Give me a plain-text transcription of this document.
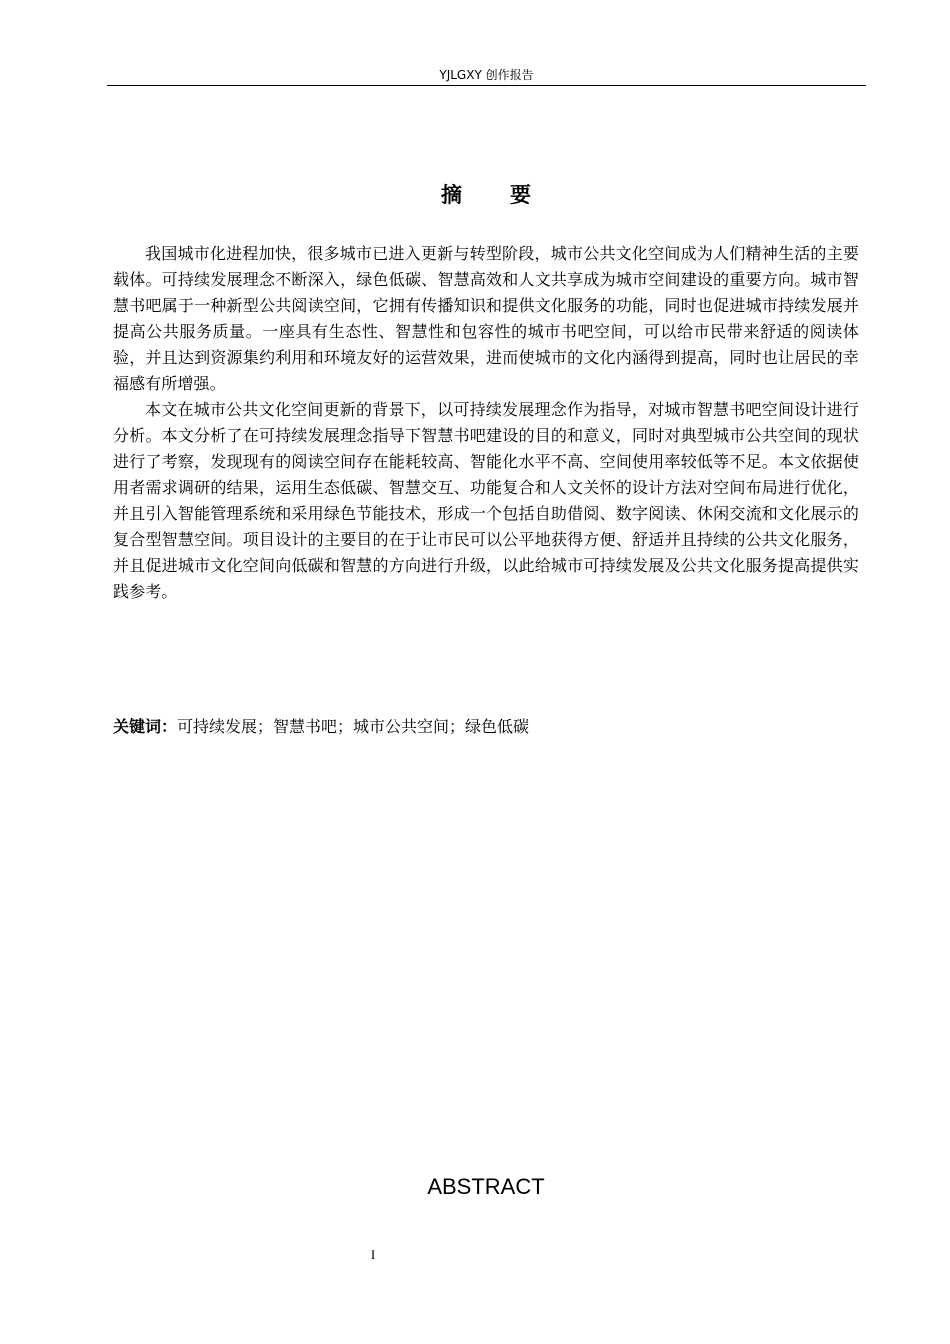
YJLGXY 创作报告
摘 要

我国城市化进程加快，很多城市已进入更新与转型阶段，城市公共文化空间成为人们精神生活的主要载体。可持续发展理念不断深入，绿色低碳、智慧高效和人文共享成为城市空间建设的重要方向。城市智慧书吧属于一种新型公共阅读空间，它拥有传播知识和提供文化服务的功能，同时也促进城市持续发展并提高公共服务质量。一座具有生态性、智慧性和包容性的城市书吧空间，可以给市民带来舒适的阅读体验，并且达到资源集约利用和环境友好的运营效果，进而使城市的文化内涵得到提高，同时也让居民的幸福感有所增强。

本文在城市公共文化空间更新的背景下，以可持续发展理念作为指导，对城市智慧书吧空间设计进行分析。本文分析了在可持续发展理念指导下智慧书吧建设的目的和意义，同时对典型城市公共空间的现状进行了考察，发现现有的阅读空间存在能耗较高、智能化水平不高、空间使用率较低等不足。本文依据使用者需求调研的结果，运用生态低碳、智慧交互、功能复合和人文关怀的设计方法对空间布局进行优化，并且引入智能管理系统和采用绿色节能技术，形成一个包括自助借阅、数字阅读、休闲交流和文化展示的复合型智慧空间。项目设计的主要目的在于让市民可以公平地获得方便、舒适并且持续的公共文化服务，并且促进城市文化空间向低碳和智慧的方向进行升级，以此给城市可持续发展及公共文化服务提高提供实践参考。

关键词：可持续发展；智慧书吧；城市公共空间；绿色低碳
ABSTRACT
I
